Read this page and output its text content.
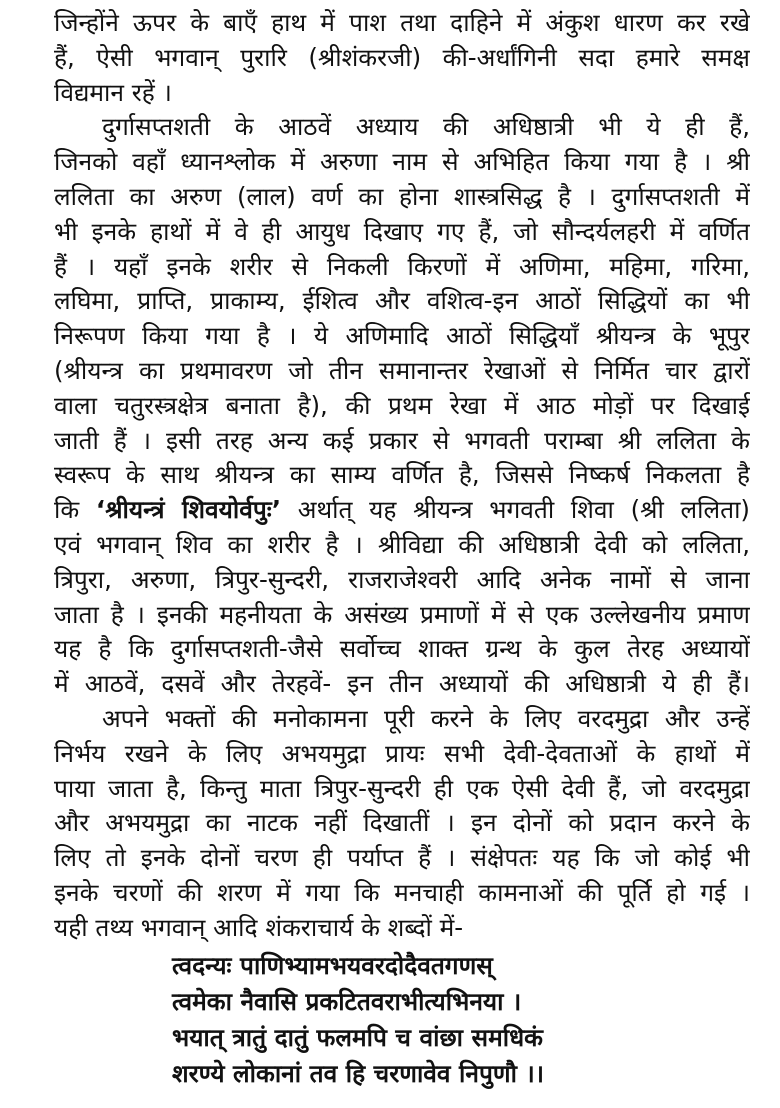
जिन्होंने ऊपर के बाएँ हाथ में पाश तथा दाहिने में अंकुश धारण कर रखे
हैं, ऐसी भगवान् पुरारि (श्रीशंकरजी) की-अर्धांगिनी सदा हमारे समक्ष
विद्यमान रहें ।
दुर्गासप्तशती के आठवें अध्याय की अधिष्ठात्री भी ये ही हैं,
जिनको वहाँ ध्यानश्लोक में अरुणा नाम से अभिहित किया गया है । श्री
ललिता का अरुण (लाल) वर्ण का होना शास्त्रसिद्ध है । दुर्गासप्तशती में
भी इनके हाथों में वे ही आयुध दिखाए गए हैं, जो सौन्दर्यलहरी में वर्णित
हैं । यहाँ इनके शरीर से निकली किरणों में अणिमा, महिमा, गरिमा,
लघिमा, प्राप्ति, प्राकाम्य, ईशित्व और वशित्व-इन आठों सिद्धियों का भी
निरूपण किया गया है । ये अणिमादि आठों सिद्धियाँ श्रीयन्त्र के भूपुर
(श्रीयन्त्र का प्रथमावरण जो तीन समानान्तर रेखाओं से निर्मित चार द्वारों
वाला चतुरस्त्रक्षेत्र बनाता है), की प्रथम रेखा में आठ मोड़ों पर दिखाई
जाती हैं । इसी तरह अन्य कई प्रकार से भगवती पराम्बा श्री ललिता के
स्वरूप के साथ श्रीयन्त्र का साम्य वर्णित है, जिससे निष्कर्ष निकलता है
कि ‘श्रीयन्त्रं शिवयोर्वपुः’ अर्थात् यह श्रीयन्त्र भगवती शिवा (श्री ललिता)
एवं भगवान् शिव का शरीर है । श्रीविद्या की अधिष्ठात्री देवी को ललिता,
त्रिपुरा, अरुणा, त्रिपुर-सुन्दरी, राजराजेश्वरी आदि अनेक नामों से जाना
जाता है । इनकी महनीयता के असंख्य प्रमाणों में से एक उल्लेखनीय प्रमाण
यह है कि दुर्गासप्तशती-जैसे सर्वोच्च शाक्त ग्रन्थ के कुल तेरह अध्यायों
में आठवें, दसवें और तेरहवें- इन तीन अध्यायों की अधिष्ठात्री ये ही हैं।
अपने भक्तों की मनोकामना पूरी करने के लिए वरदमुद्रा और उन्हें
निर्भय रखने के लिए अभयमुद्रा प्रायः सभी देवी-देवताओं के हाथों में
पाया जाता है, किन्तु माता त्रिपुर-सुन्दरी ही एक ऐसी देवी हैं, जो वरदमुद्रा
और अभयमुद्रा का नाटक नहीं दिखातीं । इन दोनों को प्रदान करने के
लिए तो इनके दोनों चरण ही पर्याप्त हैं । संक्षेपतः यह कि जो कोई भी
इनके चरणों की शरण में गया कि मनचाही कामनाओं की पूर्ति हो गई ।
यही तथ्य भगवान् आदि शंकराचार्य के शब्दों में-
त्वदन्यः पाणिभ्यामभयवरदोदैवतगणस्
त्वमेका नैवासि प्रकटितवराभीत्यभिनया ।
भयात् त्रातुं दातुं फलमपि च वांछा समधिकं
शरण्ये लोकानां तव हि चरणावेव निपुणौ ।।
